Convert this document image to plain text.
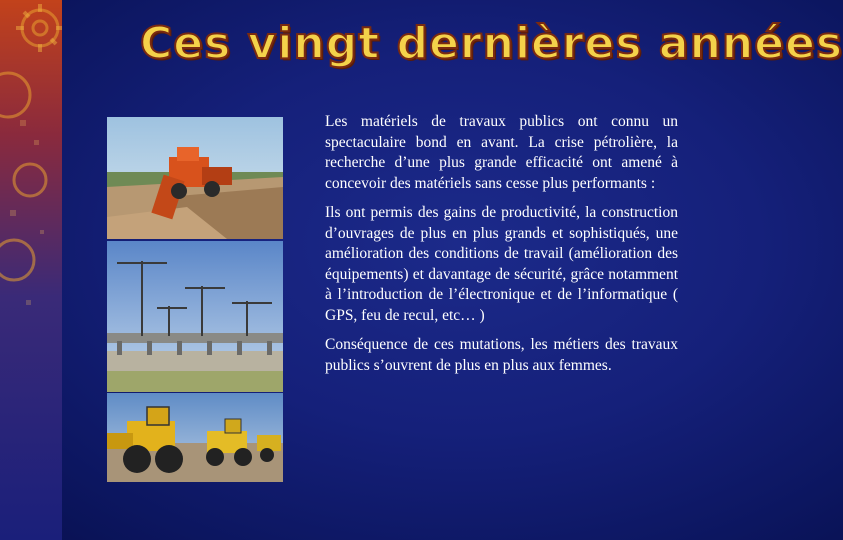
Ces vingt dernières années

Les matériels de travaux publics ont connu un spectaculaire bond en avant. La crise pétrolière, la recherche d’une plus grande efficacité ont amené à concevoir des matériels sans cesse plus performants :

Ils ont permis des gains de productivité, la construction d’ouvrages de plus en plus grands et sophistiqués, une amélioration des conditions de travail (amélioration des équipements) et davantage de sécurité, grâce notamment à l’introduction de l’électronique et de l’informatique ( GPS, feu de recul, etc… )

Conséquence de ces mutations, les métiers des travaux publics s’ouvrent de plus en plus aux femmes.
